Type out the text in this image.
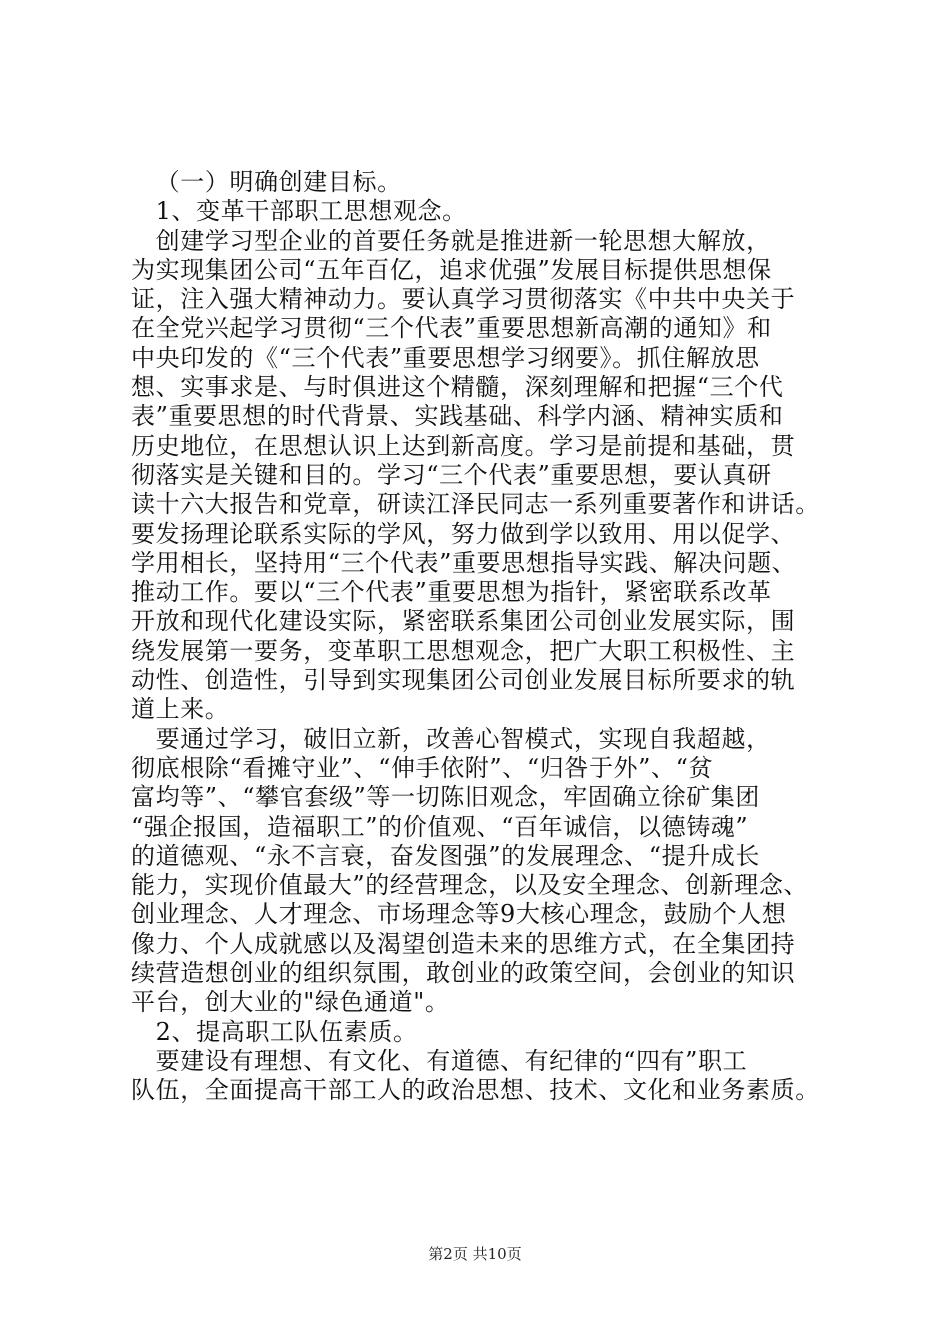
（一）明确创建目标。
1、变革干部职工思想观念。
创建学习型企业的首要任务就是推进新一轮思想大解放，
为实现集团公司“五年百亿，追求优强”发展目标提供思想保
证，注入强大精神动力。要认真学习贯彻落实《中共中央关于
在全党兴起学习贯彻“三个代表”重要思想新高潮的通知》和
中央印发的《“三个代表”重要思想学习纲要》。抓住解放思
想、实事求是、与时俱进这个精髓，深刻理解和把握“三个代
表”重要思想的时代背景、实践基础、科学内涵、精神实质和
历史地位，在思想认识上达到新高度。学习是前提和基础，贯
彻落实是关键和目的。学习“三个代表”重要思想，要认真研
读十六大报告和党章，研读江泽民同志一系列重要著作和讲话。
要发扬理论联系实际的学风，努力做到学以致用、用以促学、
学用相长，坚持用“三个代表”重要思想指导实践、解决问题、
推动工作。要以“三个代表”重要思想为指针，紧密联系改革
开放和现代化建设实际，紧密联系集团公司创业发展实际，围
绕发展第一要务，变革职工思想观念，把广大职工积极性、主
动性、创造性，引导到实现集团公司创业发展目标所要求的轨
道上来。
要通过学习，破旧立新，改善心智模式，实现自我超越，
彻底根除“看摊守业”、“伸手依附”、“归咎于外”、“贫
富均等”、“攀官套级”等一切陈旧观念，牢固确立徐矿集团
“强企报国，造福职工”的价值观、“百年诚信，以德铸魂”
的道德观、“永不言衰，奋发图强”的发展理念、“提升成长
能力，实现价值最大”的经营理念，以及安全理念、创新理念、
创业理念、人才理念、市场理念等9大核心理念，鼓励个人想
像力、个人成就感以及渴望创造未来的思维方式，在全集团持
续营造想创业的组织氛围，敢创业的政策空间，会创业的知识
平台，创大业的"绿色通道"。
2、提高职工队伍素质。
要建设有理想、有文化、有道德、有纪律的“四有”职工
队伍，全面提高干部工人的政治思想、技术、文化和业务素质。
第2页 共10页
